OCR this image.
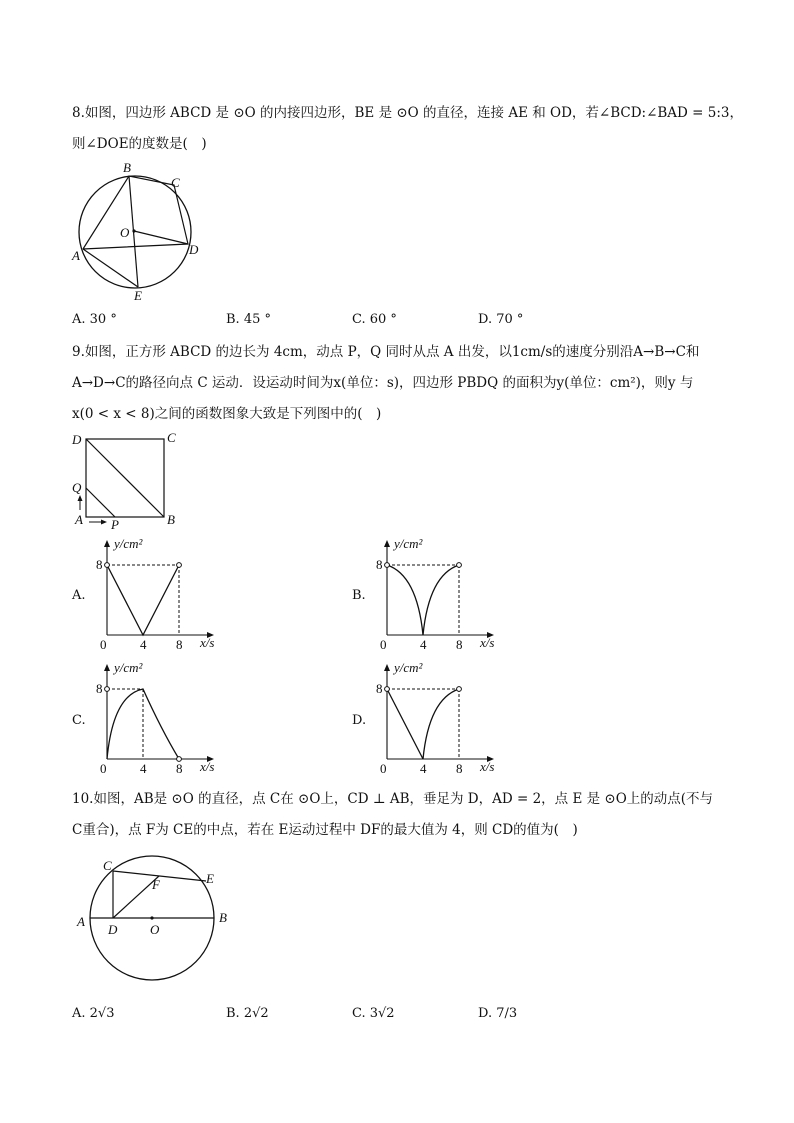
8.如图，四边形 ABCD 是 ⊙O 的内接四边形，BE 是 ⊙O 的直径，连接 AE 和 OD，若∠BCD:∠BAD = 5:3，
则∠DOE的度数是(　)
B
C
O
D
A
E
A. 30 °	B. 45 °	C. 60 °	D. 70 °
9.如图，正方形 ABCD 的边长为 4cm，动点 P，Q 同时从点 A 出发，以1cm/s的速度分别沿A→B→C和
A→D→C的路径向点 C 运动．设运动时间为x(单位：s)，四边形 PBDQ 的面积为y(单位：cm²)，则y 与
x(0 < x < 8)之间的函数图象大致是下列图中的(　)
D	C
Q
A	B
P
A.
y/cm²
x/s
8
0	4 8
B.
y/cm²
x/s
8
0	4 8
C.
y/cm²
x/s
8
0	4 8
D.
y/cm²
x/s
8
0	4 8
10.如图，AB是 ⊙O 的直径，点 C在 ⊙O上，CD ⊥ AB，垂足为 D，AD = 2，点 E 是 ⊙O上的动点(不与
C重合)，点 F为 CE的中点，若在 E运动过程中 DF的最大值为 4，则 CD的值为(　)
C
F	E
A	B
D	O
A. 2√3	B. 2√2	C. 3√2	D. 7/3
